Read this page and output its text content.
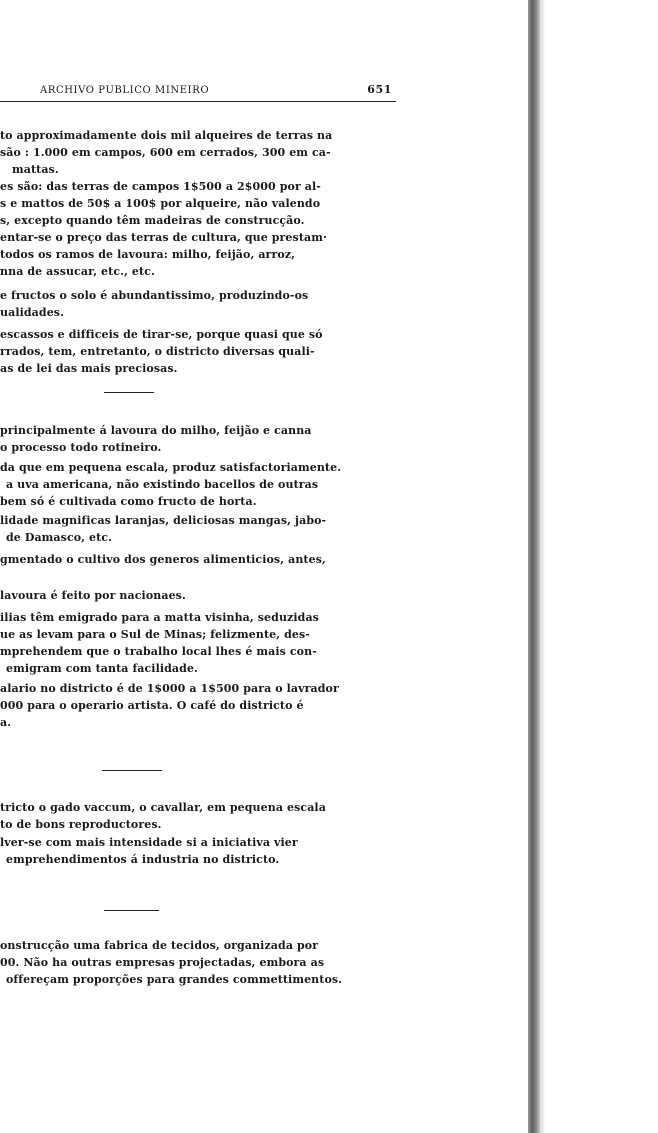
ARCHIVO PUBLICO MINEIRO	651
to approximadamente dois mil alqueires de terras na
são : 1.000 em campos, 600 em cerrados, 300 em ca-
mattas.
es são: das terras de campos 1$500 a 2$000 por al-
s e mattos de 50$ a 100$ por alqueire, não valendo
s, excepto quando têm madeiras de construcção.
entar-se o preço das terras de cultura, que prestam·
todos os ramos de lavoura: milho, feijão, arroz,
nna de assucar, etc., etc.
e fructos o solo é abundantissimo, produzindo-os
ualidades.
escassos e difficeis de tirar-se, porque quasi que só
rrados, tem, entretanto, o districto diversas quali-
as de lei das mais preciosas.
principalmente á lavoura do milho, feijão e canna
o processo todo rotineiro.
da que em pequena escala, produz satisfactoriamente.
a uva americana, não existindo bacellos de outras
bem só é cultivada como fructo de horta.
lidade magnificas laranjas, deliciosas mangas, jabo-
de Damasco, etc.
gmentado o cultivo dos generos alimenticios, antes,
lavoura é feito por nacionaes.
ilias têm emigrado para a matta visinha, seduzidas
ue as levam para o Sul de Minas; felizmente, des-
mprehendem que o trabalho local lhes é mais con-
emigram com tanta facilidade.
alario no districto é de 1$000 a 1$500 para o lavrador
000 para o operario artista. O café do districto é
a.
tricto o gado vaccum, o cavallar, em pequena escala
to de bons reproductores.
lver-se com mais intensidade si a iniciativa vier
emprehendimentos á industria no districto.
onstrucção uma fabrica de tecidos, organizada por
00. Não ha outras empresas projectadas, embora as
offereçam proporções para grandes commettimentos.
